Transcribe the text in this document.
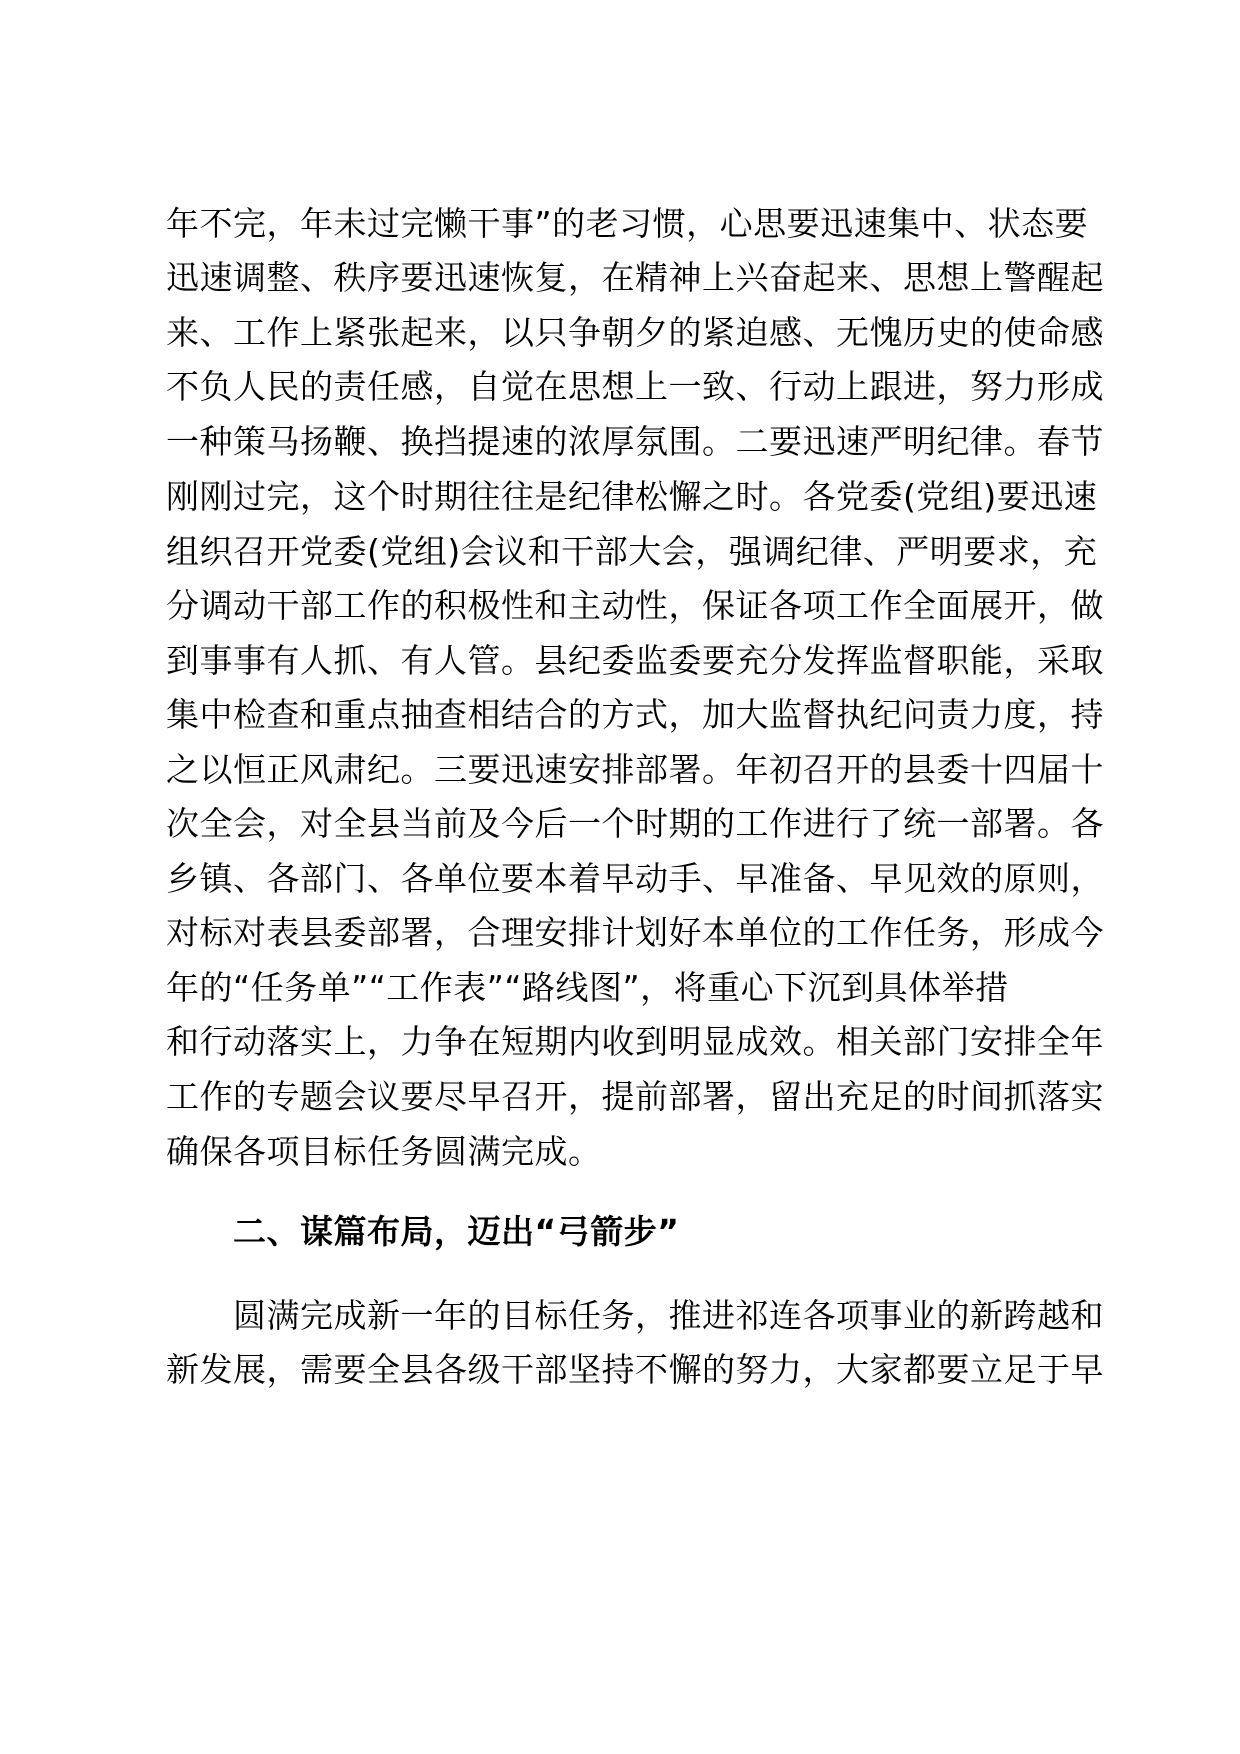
年不完，年未过完懒干事”的老习惯，心思要迅速集中、状态要
迅速调整、秩序要迅速恢复，在精神上兴奋起来、思想上警醒起
来、工作上紧张起来，以只争朝夕的紧迫感、无愧历史的使命感
不负人民的责任感，自觉在思想上一致、行动上跟进，努力形成
一种策马扬鞭、换挡提速的浓厚氛围。二要迅速严明纪律。春节
刚刚过完，这个时期往往是纪律松懈之时。各党委(党组)要迅速
组织召开党委(党组)会议和干部大会，强调纪律、严明要求，充
分调动干部工作的积极性和主动性，保证各项工作全面展开，做
到事事有人抓、有人管。县纪委监委要充分发挥监督职能，采取
集中检查和重点抽查相结合的方式，加大监督执纪问责力度，持
之以恒正风肃纪。三要迅速安排部署。年初召开的县委十四届十
次全会，对全县当前及今后一个时期的工作进行了统一部署。各
乡镇、各部门、各单位要本着早动手、早准备、早见效的原则，
对标对表县委部署，合理安排计划好本单位的工作任务，形成今
年的“任务单”“工作表”“路线图”，将重心下沉到具体举措
和行动落实上，力争在短期内收到明显成效。相关部门安排全年
工作的专题会议要尽早召开，提前部署，留出充足的时间抓落实
确保各项目标任务圆满完成。
二、谋篇布局，迈出“弓箭步”
圆满完成新一年的目标任务，推进祁连各项事业的新跨越和
新发展，需要全县各级干部坚持不懈的努力，大家都要立足于早
